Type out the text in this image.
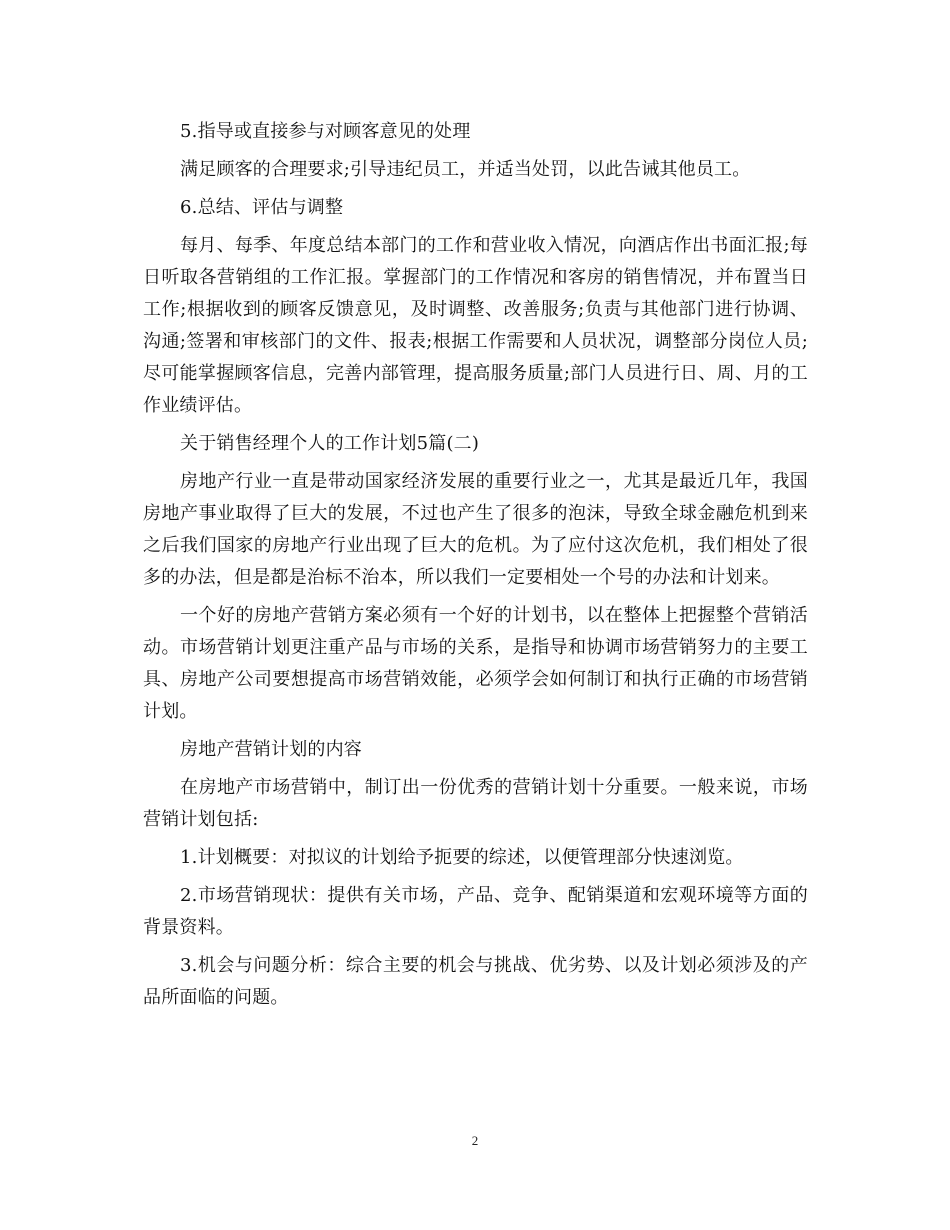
5.指导或直接参与对顾客意见的处理

满足顾客的合理要求;引导违纪员工，并适当处罚，以此告诫其他员工。

6.总结、评估与调整

每月、每季、年度总结本部门的工作和营业收入情况，向酒店作出书面汇报;每日听取各营销组的工作汇报。掌握部门的工作情况和客房的销售情况，并布置当日工作;根据收到的顾客反馈意见，及时调整、改善服务;负责与其他部门进行协调、沟通;签署和审核部门的文件、报表;根据工作需要和人员状况，调整部分岗位人员;尽可能掌握顾客信息，完善内部管理，提高服务质量;部门人员进行日、周、月的工作业绩评估。

关于销售经理个人的工作计划5篇(二)

房地产行业一直是带动国家经济发展的重要行业之一，尤其是最近几年，我国房地产事业取得了巨大的发展，不过也产生了很多的泡沫，导致全球金融危机到来之后我们国家的房地产行业出现了巨大的危机。为了应付这次危机，我们相处了很多的办法，但是都是治标不治本，所以我们一定要相处一个号的办法和计划来。

一个好的房地产营销方案必须有一个好的计划书，以在整体上把握整个营销活动。市场营销计划更注重产品与市场的关系，是指导和协调市场营销努力的主要工具、房地产公司要想提高市场营销效能，必须学会如何制订和执行正确的市场营销计划。

房地产营销计划的内容

在房地产市场营销中，制订出一份优秀的营销计划十分重要。一般来说，市场营销计划包括:

1.计划概要：对拟议的计划给予扼要的综述，以便管理部分快速浏览。

2.市场营销现状：提供有关市场，产品、竞争、配销渠道和宏观环境等方面的背景资料。

3.机会与问题分析：综合主要的机会与挑战、优劣势、以及计划必须涉及的产品所面临的问题。

2
